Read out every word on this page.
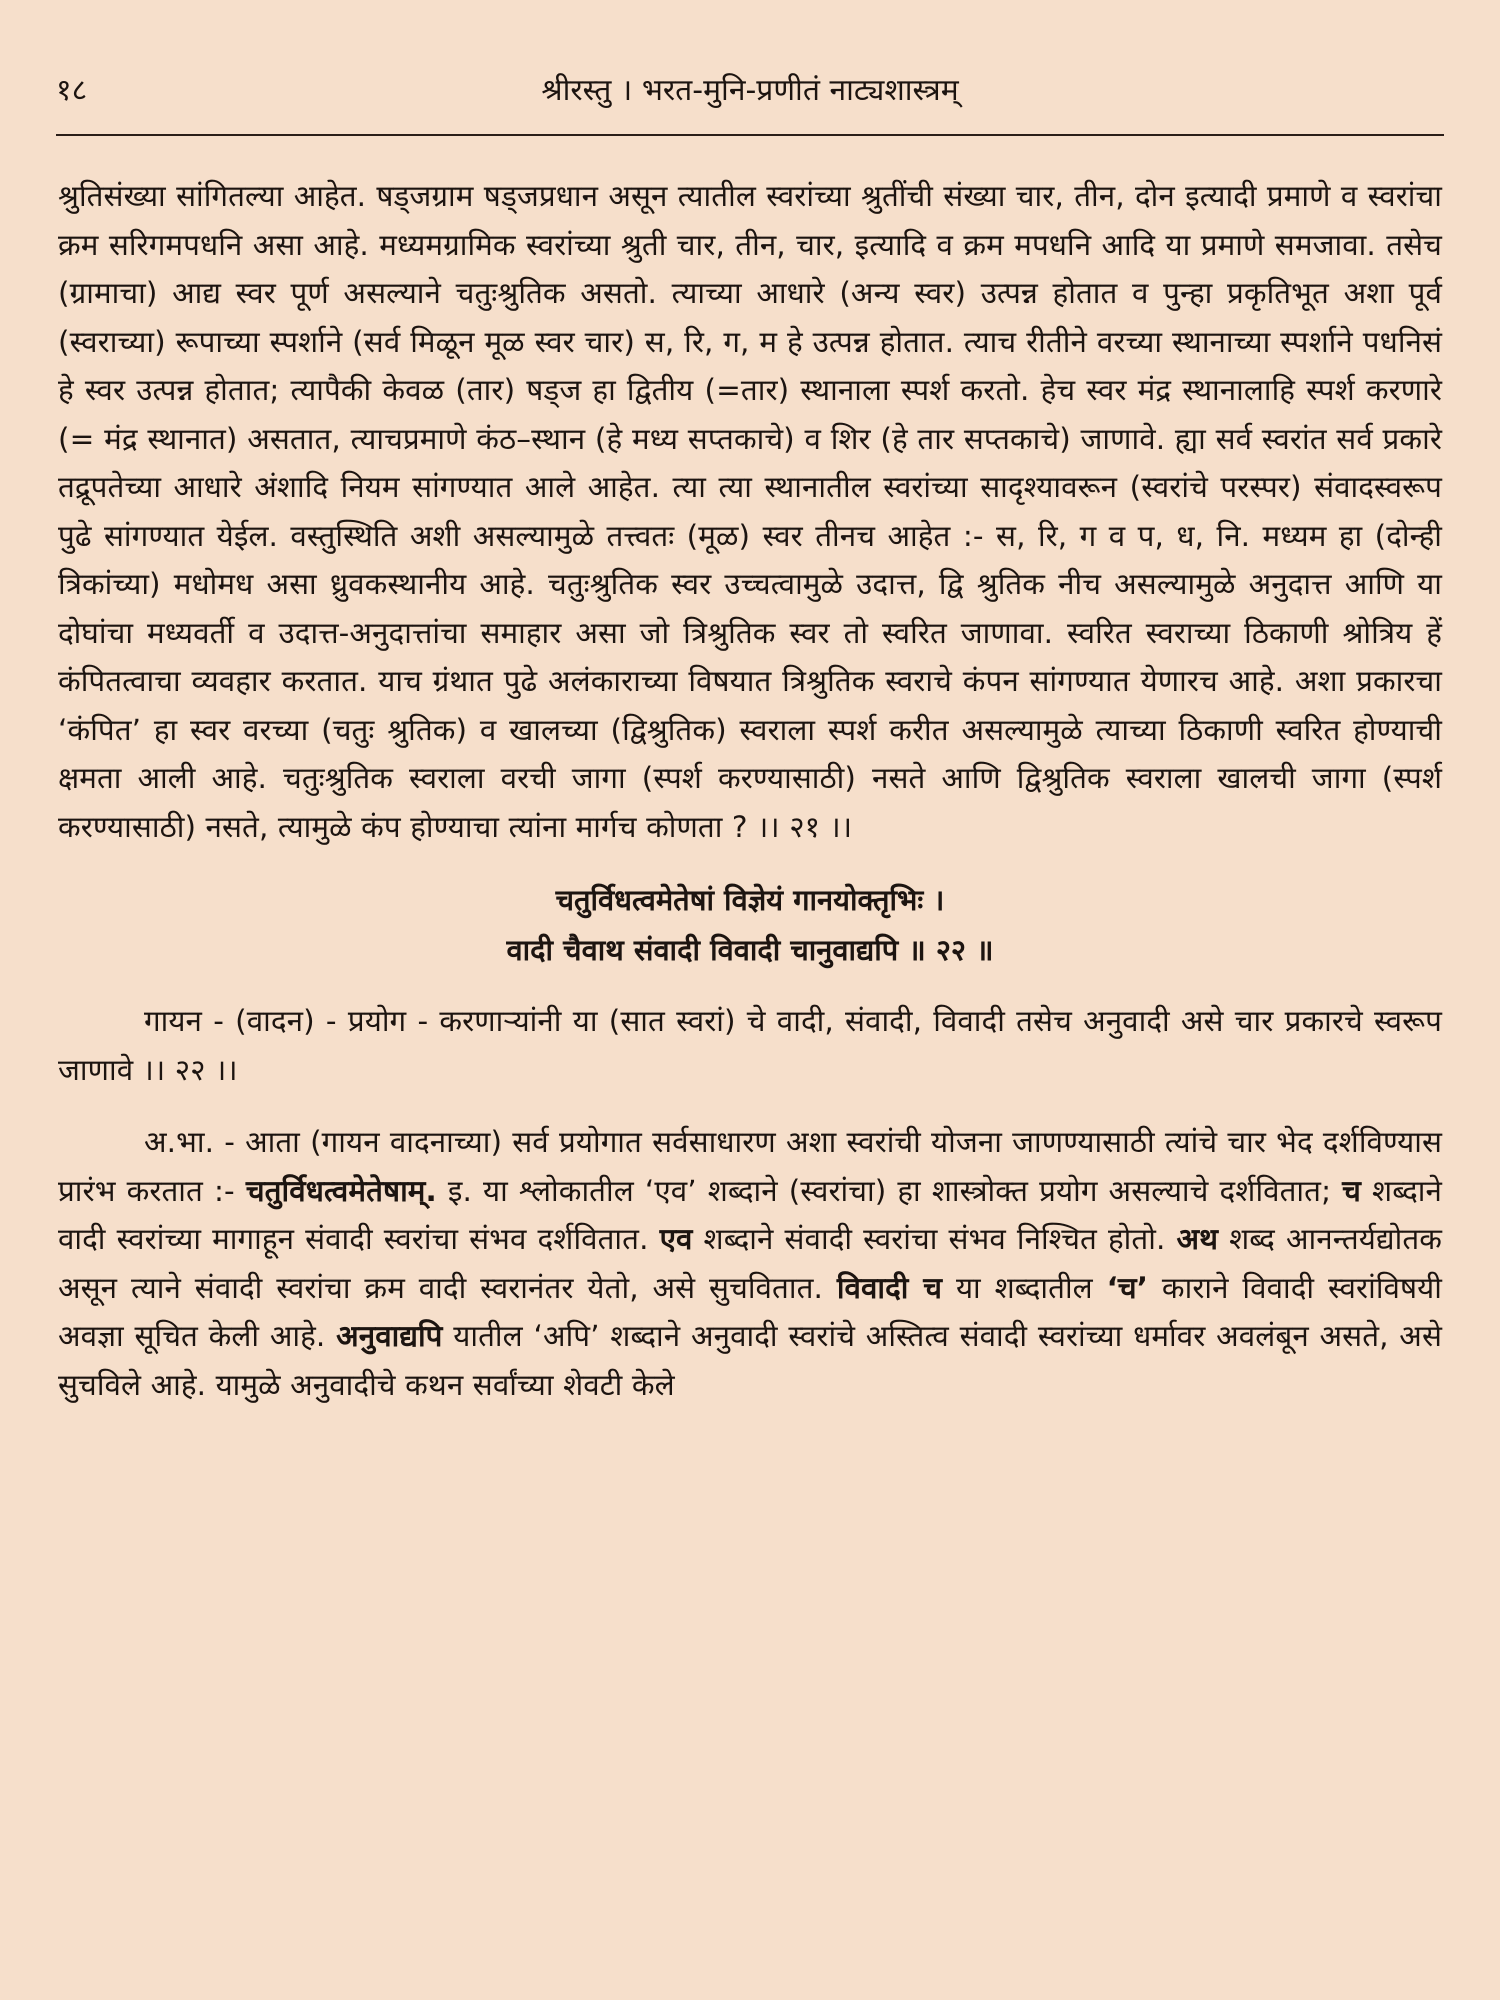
१८	श्रीरस्तु । भरत-मुनि-प्रणीतं नाट्यशास्त्रम्

श्रुतिसंख्या सांगितल्या आहेत. षड्जग्राम षड्जप्रधान असून त्यातील स्वरांच्या श्रुतींची संख्या चार, तीन, दोन इत्यादी प्रमाणे व स्वरांचा क्रम सरिगमपधनि असा आहे. मध्यमग्रामिक स्वरांच्या श्रुती चार, तीन, चार, इत्यादि व क्रम मपधनि आदि या प्रमाणे समजावा. तसेच (ग्रामाचा) आद्य स्वर पूर्ण असल्याने चतुःश्रुतिक असतो. त्याच्या आधारे (अन्य स्वर) उत्पन्न होतात व पुन्हा प्रकृतिभूत अशा पूर्व (स्वराच्या) रूपाच्या स्पर्शाने (सर्व मिळून मूळ स्वर चार) स, रि, ग, म हे उत्पन्न होतात. त्याच रीतीने वरच्या स्थानाच्या स्पर्शाने पधनिसं हे स्वर उत्पन्न होतात; त्यापैकी केवळ (तार) षड्ज हा द्वितीय (=तार) स्थानाला स्पर्श करतो. हेच स्वर मंद्र स्थानालाहि स्पर्श करणारे (= मंद्र स्थानात) असतात, त्याचप्रमाणे कंठ–स्थान (हे मध्य सप्तकाचे) व शिर (हे तार सप्तकाचे) जाणावे. ह्या सर्व स्वरांत सर्व प्रकारे तद्रूपतेच्या आधारे अंशादि नियम सांगण्यात आले आहेत. त्या त्या स्थानातील स्वरांच्या सादृश्यावरून (स्वरांचे परस्पर) संवादस्वरूप पुढे सांगण्यात येईल. वस्तुस्थिति अशी असल्यामुळे तत्त्वतः (मूळ) स्वर तीनच आहेत :- स, रि, ग व प, ध, नि. मध्यम हा (दोन्ही त्रिकांच्या) मधोमध असा ध्रुवकस्थानीय आहे. चतुःश्रुतिक स्वर उच्चत्वामुळे उदात्त, द्वि श्रुतिक नीच असल्यामुळे अनुदात्त आणि या दोघांचा मध्यवर्ती व उदात्त-अनुदात्तांचा समाहार असा जो त्रिश्रुतिक स्वर तो स्वरित जाणावा. स्वरित स्वराच्या ठिकाणी श्रोत्रिय हें कंपितत्वाचा व्यवहार करतात. याच ग्रंथात पुढे अलंकाराच्या विषयात त्रिश्रुतिक स्वराचे कंपन सांगण्यात येणारच आहे. अशा प्रकारचा ‘कंपित’ हा स्वर वरच्या (चतुः श्रुतिक) व खालच्या (द्विश्रुतिक) स्वराला स्पर्श करीत असल्यामुळे त्याच्या ठिकाणी स्वरित होण्याची क्षमता आली आहे. चतुःश्रुतिक स्वराला वरची जागा (स्पर्श करण्यासाठी) नसते आणि द्विश्रुतिक स्वराला खालची जागा (स्पर्श करण्यासाठी) नसते, त्यामुळे कंप होण्याचा त्यांना मार्गच कोणता ? ।। २१ ।।

चतुर्विधत्वमेतेषां विज्ञेयं गानयोक्तृभिः ।

वादी चैवाथ संवादी विवादी चानुवाद्यपि ॥ २२ ॥

गायन - (वादन) - प्रयोग - करणाऱ्यांनी या (सात स्वरां) चे वादी, संवादी, विवादी तसेच अनुवादी असे चार प्रकारचे स्वरूप जाणावे ।। २२ ।।

अ.भा. - आता (गायन वादनाच्या) सर्व प्रयोगात सर्वसाधारण अशा स्वरांची योजना जाणण्यासाठी त्यांचे चार भेद दर्शविण्यास प्रारंभ करतात :- चतुर्विधत्वमेतेषाम्. इ. या श्लोकातील ‘एव’ शब्दाने (स्वरांचा) हा शास्त्रोक्त प्रयोग असल्याचे दर्शवितात; च शब्दाने वादी स्वरांच्या मागाहून संवादी स्वरांचा संभव दर्शवितात. एव शब्दाने संवादी स्वरांचा संभव निश्चित होतो. अथ शब्द आनन्तर्यद्योतक असून त्याने संवादी स्वरांचा क्रम वादी स्वरानंतर येतो, असे सुचवितात. विवादी च या शब्दातील ‘च’ काराने विवादी स्वरांविषयी अवज्ञा सूचित केली आहे. अनुवाद्यपि यातील ‘अपि’ शब्दाने अनुवादी स्वरांचे अस्तित्व संवादी स्वरांच्या धर्मावर अवलंबून असते, असे सुचविले आहे. यामुळे अनुवादीचे कथन सर्वांच्या शेवटी केले
